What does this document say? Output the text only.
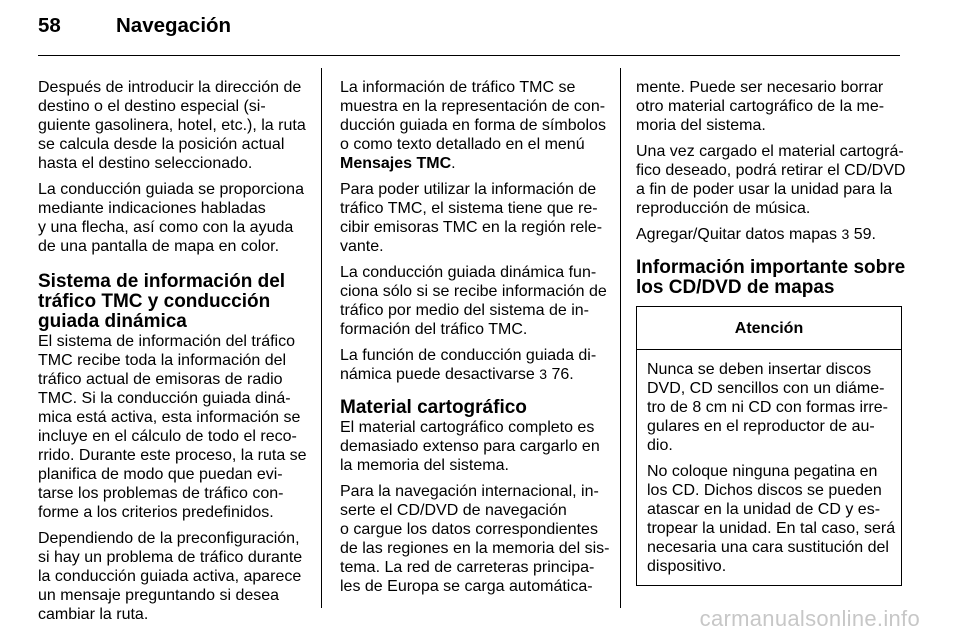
58	Navegación
Después de introducir la dirección de
destino o el destino especial (si-
guiente gasolinera, hotel, etc.), la ruta
se calcula desde la posición actual
hasta el destino seleccionado.
La conducción guiada se proporciona
mediante indicaciones habladas
y una flecha, así como con la ayuda
de una pantalla de mapa en color.
Sistema de información del
tráfico TMC y conducción
guiada dinámica
El sistema de información del tráfico
TMC recibe toda la información del
tráfico actual de emisoras de radio
TMC. Si la conducción guiada diná-
mica está activa, esta información se
incluye en el cálculo de todo el reco-
rrido. Durante este proceso, la ruta se
planifica de modo que puedan evi-
tarse los problemas de tráfico con-
forme a los criterios predefinidos.
Dependiendo de la preconfiguración,
si hay un problema de tráfico durante
la conducción guiada activa, aparece
un mensaje preguntando si desea
cambiar la ruta.
La información de tráfico TMC se
muestra en la representación de con-
ducción guiada en forma de símbolos
o como texto detallado en el menú
Mensajes TMC.
Para poder utilizar la información de
tráfico TMC, el sistema tiene que re-
cibir emisoras TMC en la región rele-
vante.
La conducción guiada dinámica fun-
ciona sólo si se recibe información de
tráfico por medio del sistema de in-
formación del tráfico TMC.
La función de conducción guiada di-
námica puede desactivarse 3 76.
Material cartográfico
El material cartográfico completo es
demasiado extenso para cargarlo en
la memoria del sistema.
Para la navegación internacional, in-
serte el CD/DVD de navegación
o cargue los datos correspondientes
de las regiones en la memoria del sis-
tema. La red de carreteras principa-
les de Europa se carga automática-
mente. Puede ser necesario borrar
otro material cartográfico de la me-
moria del sistema.
Una vez cargado el material cartográ-
fico deseado, podrá retirar el CD/DVD
a fin de poder usar la unidad para la
reproducción de música.
Agregar/Quitar datos mapas 3 59.
Información importante sobre
los CD/DVD de mapas
Atención
Nunca se deben insertar discos
DVD, CD sencillos con un diáme-
tro de 8 cm ni CD con formas irre-
gulares en el reproductor de au-
dio.
No coloque ninguna pegatina en
los CD. Dichos discos se pueden
atascar en la unidad de CD y es-
tropear la unidad. En tal caso, será
necesaria una cara sustitución del
dispositivo.
carmanualsonline.info
